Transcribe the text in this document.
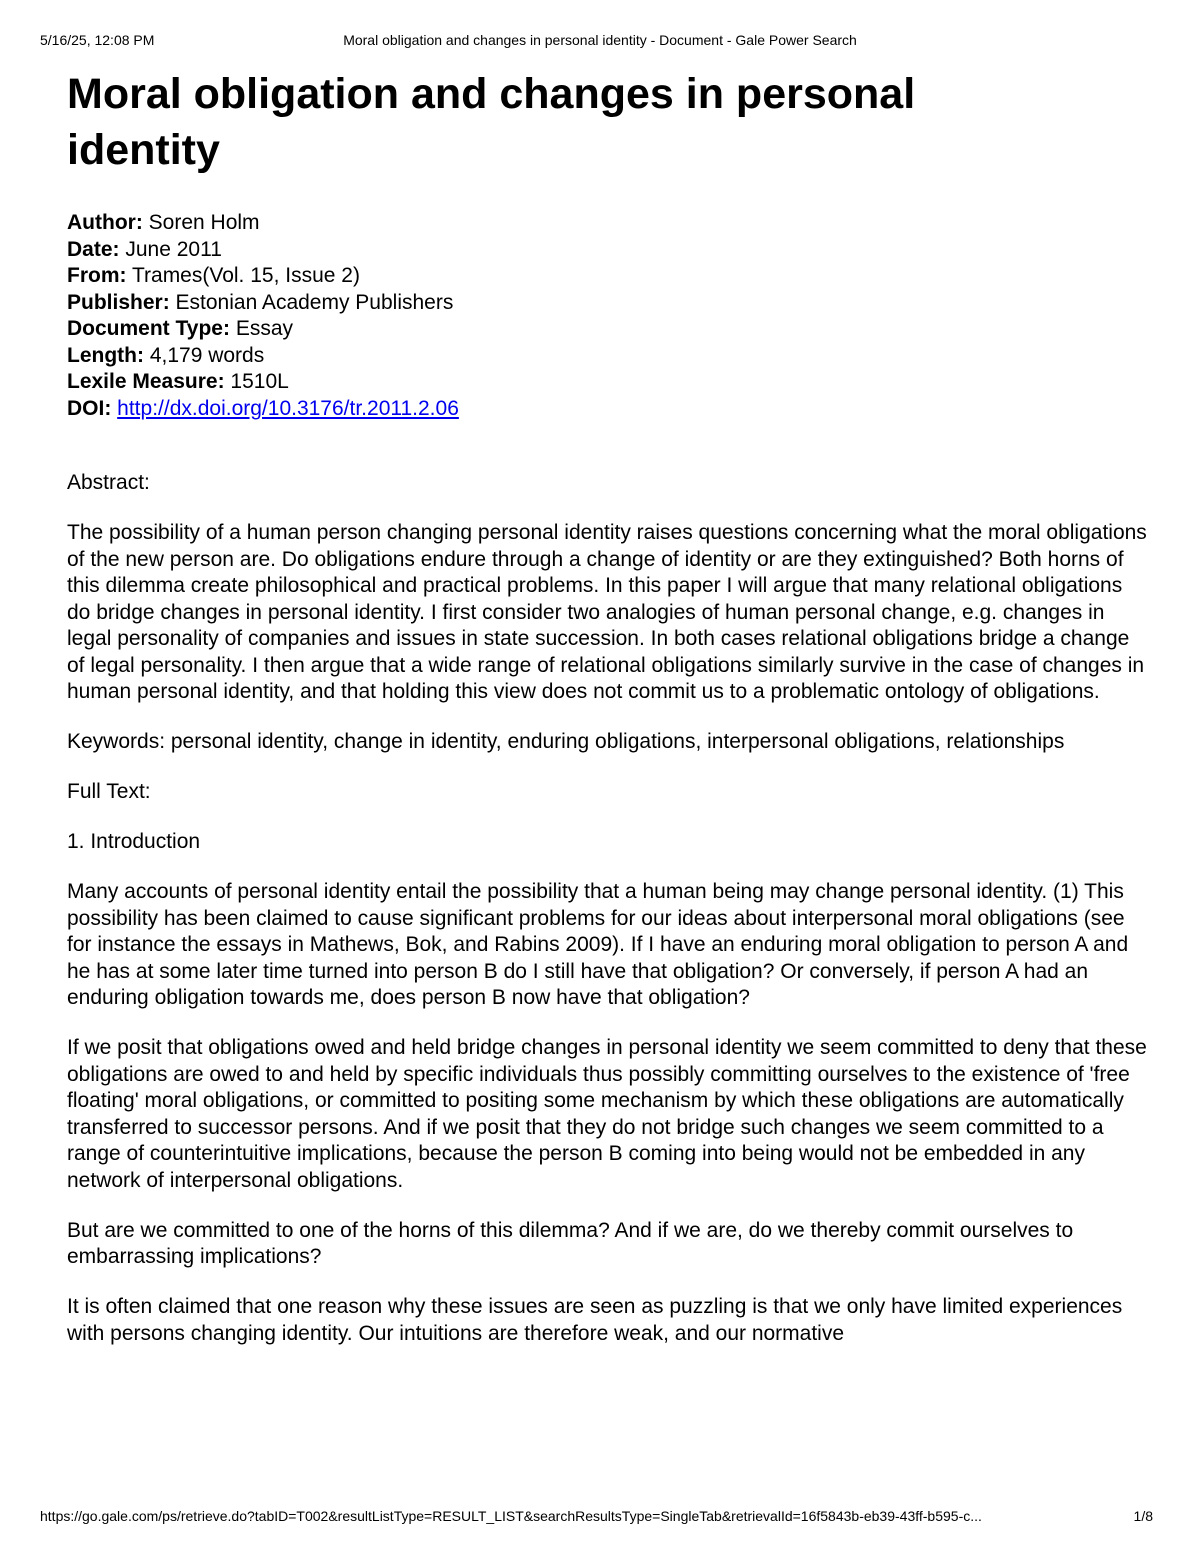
5/16/25, 12:08 PM	Moral obligation and changes in personal identity - Document - Gale Power Search
Moral obligation and changes in personal identity
Author: Soren Holm
Date: June 2011
From: Trames(Vol. 15, Issue 2)
Publisher: Estonian Academy Publishers
Document Type: Essay
Length: 4,179 words
Lexile Measure: 1510L
DOI: http://dx.doi.org/10.3176/tr.2011.2.06

Abstract:

The possibility of a human person changing personal identity raises questions concerning what the moral obligations of the new person are. Do obligations endure through a change of identity or are they extinguished? Both horns of this dilemma create philosophical and practical problems. In this paper I will argue that many relational obligations do bridge changes in personal identity. I first consider two analogies of human personal change, e.g. changes in legal personality of companies and issues in state succession. In both cases relational obligations bridge a change of legal personality. I then argue that a wide range of relational obligations similarly survive in the case of changes in human personal identity, and that holding this view does not commit us to a problematic ontology of obligations.

Keywords: personal identity, change in identity, enduring obligations, interpersonal obligations, relationships

Full Text:

1. Introduction

Many accounts of personal identity entail the possibility that a human being may change personal identity. (1) This possibility has been claimed to cause significant problems for our ideas about interpersonal moral obligations (see for instance the essays in Mathews, Bok, and Rabins 2009). If I have an enduring moral obligation to person A and he has at some later time turned into person B do I still have that obligation? Or conversely, if person A had an enduring obligation towards me, does person B now have that obligation?

If we posit that obligations owed and held bridge changes in personal identity we seem committed to deny that these obligations are owed to and held by specific individuals thus possibly committing ourselves to the existence of 'free floating' moral obligations, or committed to positing some mechanism by which these obligations are automatically transferred to successor persons. And if we posit that they do not bridge such changes we seem committed to a range of counterintuitive implications, because the person B coming into being would not be embedded in any network of interpersonal obligations.

But are we committed to one of the horns of this dilemma? And if we are, do we thereby commit ourselves to embarrassing implications?

It is often claimed that one reason why these issues are seen as puzzling is that we only have limited experiences with persons changing identity. Our intuitions are therefore weak, and our normative

https://go.gale.com/ps/retrieve.do?tabID=T002&resultListType=RESULT_LIST&searchResultsType=SingleTab&retrievalId=16f5843b-eb39-43ff-b595-c...	1/8
